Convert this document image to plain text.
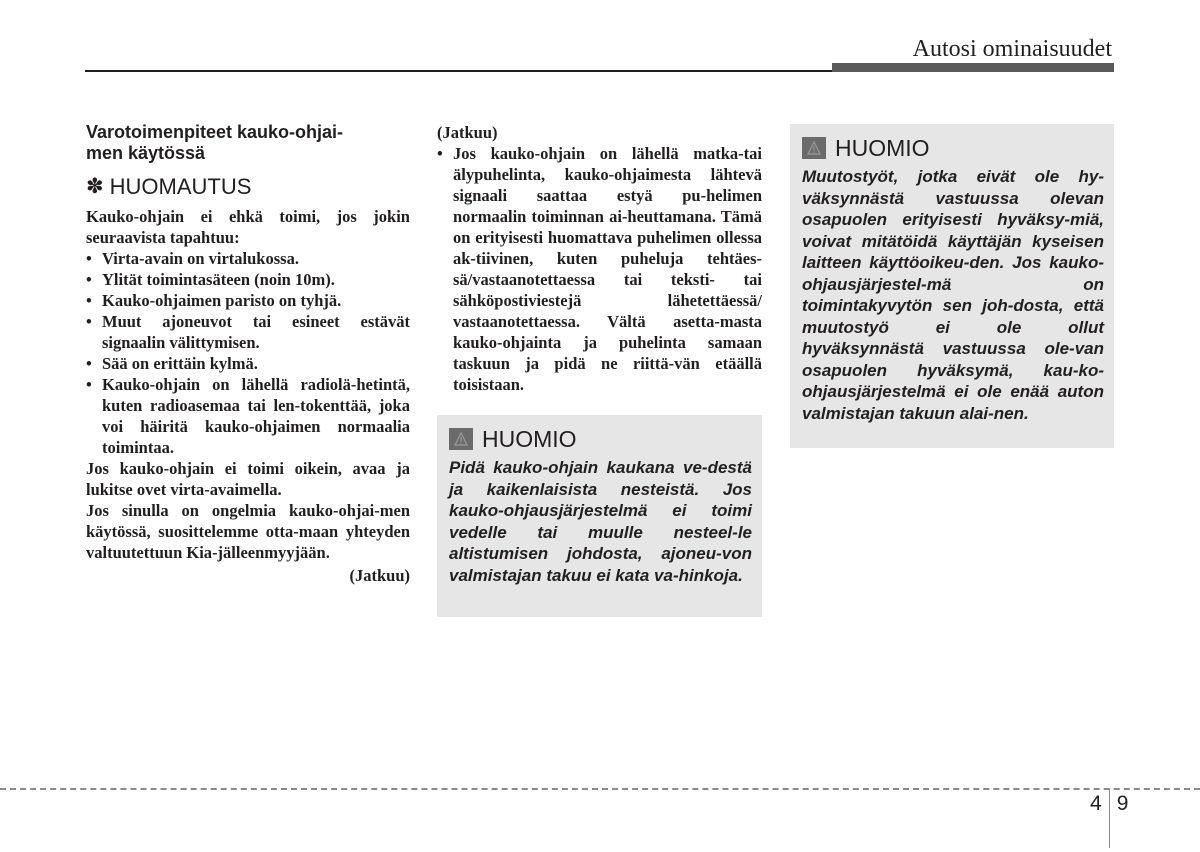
Autosi ominaisuudet
Varotoimenpiteet kauko-ohjai-
men käytössä
✽ HUOMAUTUS

Kauko-ohjain ei ehkä toimi, jos jokin seuraavista tapahtuu:

• Virta-avain on virtalukossa.
• Ylität toimintasäteen (noin 10m).
• Kauko-ohjaimen paristo on tyhjä.
• Muut ajoneuvot tai esineet estävät signaalin välittymisen.
• Sää on erittäin kylmä.
• Kauko-ohjain on lähellä radiolä-hetintä, kuten radioasemaa tai len-tokenttää, joka voi häiritä kauko-ohjaimen normaalia toimintaa.

Jos kauko-ohjain ei toimi oikein, avaa ja lukitse ovet virta-avaimella.

Jos sinulla on ongelmia kauko-ohjai-men käytössä, suosittelemme otta-maan yhteyden valtuutettuun Kia-jälleenmyyjään.

(Jatkuu)
(Jatkuu)
• Jos kauko-ohjain on lähellä matka-tai älypuhelinta, kauko-ohjaimesta lähtevä signaali saattaa estyä pu-helimen normaalin toiminnan ai-heuttamana. Tämä on erityisesti huomattava puhelimen ollessa ak-tiivinen, kuten puheluja tehtäes-sä/vastaanotettaessa tai teksti- tai sähköpostiviestejä lähetettäessä/ vastaanotettaessa. Vältä asetta-masta kauko-ohjainta ja puhelinta samaan taskuun ja pidä ne riittä-vän etäällä toisistaan.
HUOMIO

Pidä kauko-ohjain kaukana ve-destä ja kaikenlaisista nesteistä. Jos kauko-ohjausjärjestelmä ei toimi vedelle tai muulle nesteel-le altistumisen johdosta, ajoneu-von valmistajan takuu ei kata va-hinkoja.

HUOMIO

Muutostyöt, jotka eivät ole hy-väksynnästä vastuussa olevan osapuolen erityisesti hyväksy-miä, voivat mitätöidä käyttäjän kyseisen laitteen käyttöoikeu-den. Jos kauko-ohjausjärjestel-mä on toimintakyvytön sen joh-dosta, että muutostyö ei ole ollut hyväksynnästä vastuussa ole-van osapuolen hyväksymä, kau-ko-ohjausjärjestelmä ei ole enää auton valmistajan takuun alai-nen.

4 9
